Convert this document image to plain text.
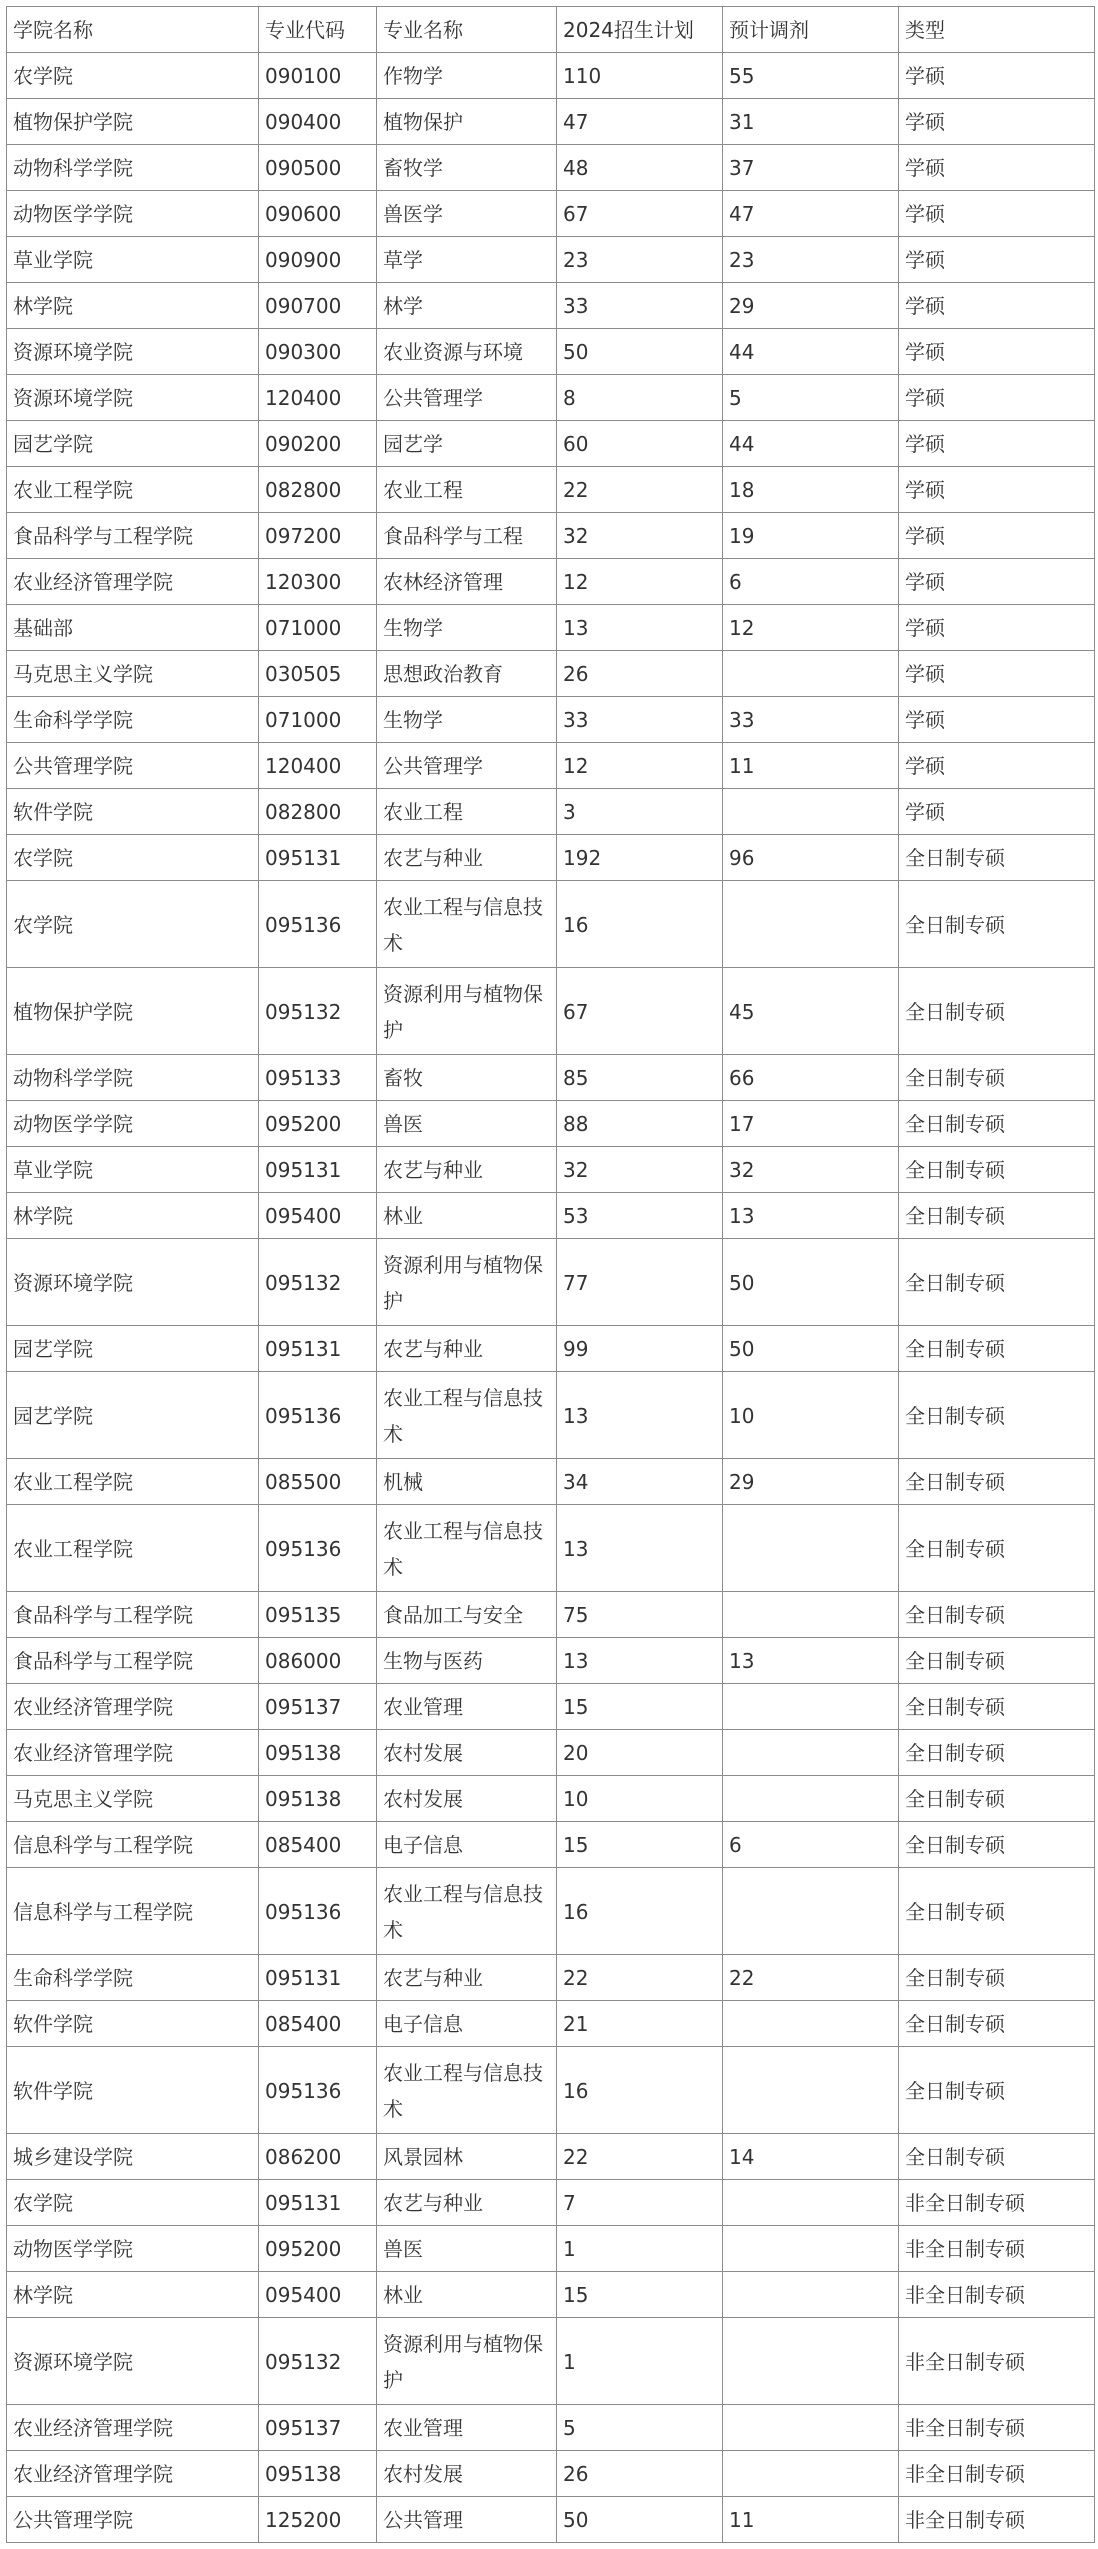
学院名称	专业代码	专业名称	2024招生计划	预计调剂	类型
农学院	090100	作物学	110	55	学硕
植物保护学院	090400	植物保护	47	31	学硕
动物科学学院	090500	畜牧学	48	37	学硕
动物医学学院	090600	兽医学	67	47	学硕
草业学院	090900	草学	23	23	学硕
林学院	090700	林学	33	29	学硕
资源环境学院	090300	农业资源与环境	50	44	学硕
资源环境学院	120400	公共管理学	8	5	学硕
园艺学院	090200	园艺学	60	44	学硕
农业工程学院	082800	农业工程	22	18	学硕
食品科学与工程学院	097200	食品科学与工程	32	19	学硕
农业经济管理学院	120300	农林经济管理	12	6	学硕
基础部	071000	生物学	13	12	学硕
马克思主义学院	030505	思想政治教育	26		学硕
生命科学学院	071000	生物学	33	33	学硕
公共管理学院	120400	公共管理学	12	11	学硕
软件学院	082800	农业工程	3		学硕
农学院	095131	农艺与种业	192	96	全日制专硕
农学院	095136	农业工程与信息技术	16		全日制专硕
植物保护学院	095132	资源利用与植物保护	67	45	全日制专硕
动物科学学院	095133	畜牧	85	66	全日制专硕
动物医学学院	095200	兽医	88	17	全日制专硕
草业学院	095131	农艺与种业	32	32	全日制专硕
林学院	095400	林业	53	13	全日制专硕
资源环境学院	095132	资源利用与植物保护	77	50	全日制专硕
园艺学院	095131	农艺与种业	99	50	全日制专硕
园艺学院	095136	农业工程与信息技术	13	10	全日制专硕
农业工程学院	085500	机械	34	29	全日制专硕
农业工程学院	095136	农业工程与信息技术	13		全日制专硕
食品科学与工程学院	095135	食品加工与安全	75		全日制专硕
食品科学与工程学院	086000	生物与医药	13	13	全日制专硕
农业经济管理学院	095137	农业管理	15		全日制专硕
农业经济管理学院	095138	农村发展	20		全日制专硕
马克思主义学院	095138	农村发展	10		全日制专硕
信息科学与工程学院	085400	电子信息	15	6	全日制专硕
信息科学与工程学院	095136	农业工程与信息技术	16		全日制专硕
生命科学学院	095131	农艺与种业	22	22	全日制专硕
软件学院	085400	电子信息	21		全日制专硕
软件学院	095136	农业工程与信息技术	16		全日制专硕
城乡建设学院	086200	风景园林	22	14	全日制专硕
农学院	095131	农艺与种业	7		非全日制专硕
动物医学学院	095200	兽医	1		非全日制专硕
林学院	095400	林业	15		非全日制专硕
资源环境学院	095132	资源利用与植物保护	1		非全日制专硕
农业经济管理学院	095137	农业管理	5		非全日制专硕
农业经济管理学院	095138	农村发展	26		非全日制专硕
公共管理学院	125200	公共管理	50	11	非全日制专硕
